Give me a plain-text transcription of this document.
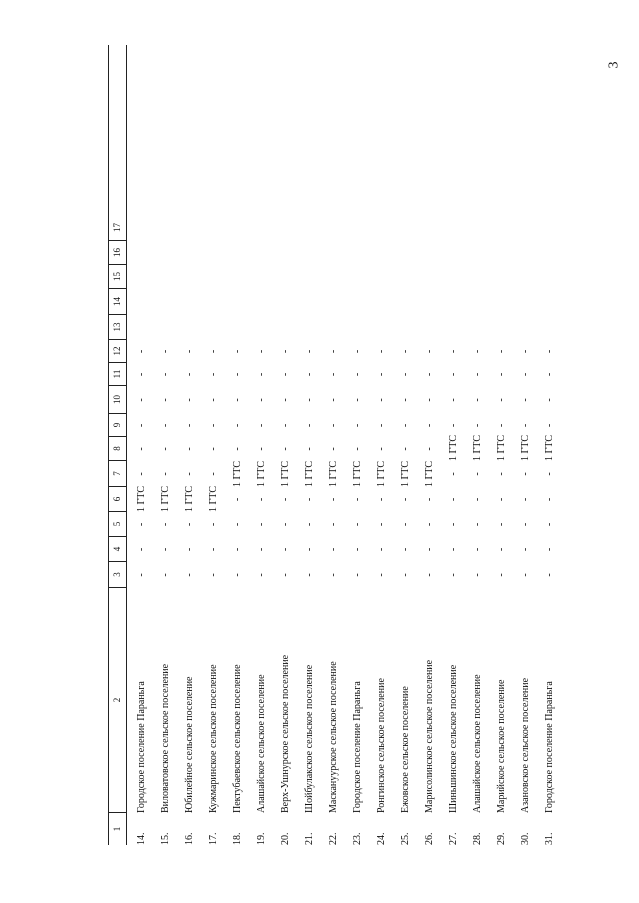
3
1
2
3
4
5
6
7
8
9
10
11
12
13
14
15
16
17
14.
Городское поселение Параньга
-
-
-
1 ГТС
-
-
-
-
-
-
15.
Виловатовское сельское поселение
-
-
-
1 ГТС
-
-
-
-
-
-
16.
Юбилейное сельское поселение
-
-
-
1 ГТС
-
-
-
-
-
-
17.
Кужмаринское сельское поселение
-
-
-
1 ГТС
-
-
-
-
-
-
18.
Пектубаевское сельское поселение
-
-
-
-
1 ГТС
-
-
-
-
-
19.
Алашайское сельское поселение
-
-
-
-
1 ГТС
-
-
-
-
-
20.
Верх-Ушнурское сельское поселение
-
-
-
-
1 ГТС
-
-
-
-
-
21.
Шойбулакское сельское поселение
-
-
-
-
1 ГТС
-
-
-
-
-
22.
Маскануурское сельское поселение
-
-
-
-
1 ГТС
-
-
-
-
-
23.
Городское поселение Параньга
-
-
-
-
1 ГТС
-
-
-
-
-
24.
Ронгинское сельское поселение
-
-
-
-
1 ГТС
-
-
-
-
-
25.
Ежовское сельское поселение
-
-
-
-
1 ГТС
-
-
-
-
-
26.
Марисолинское сельское поселение
-
-
-
-
1 ГТС
-
-
-
-
-
27.
Шиньшинское сельское поселение
-
-
-
-
-
1 ГТС
-
-
-
-
28.
Алашайское сельское поселение
-
-
-
-
-
1 ГТС
-
-
-
-
29.
Марийское сельское поселение
-
-
-
-
-
1 ГТС
-
-
-
-
30.
Азановское сельское поселение
-
-
-
-
-
1 ГТС
-
-
-
-
31.
Городское поселение Параньга
-
-
-
-
-
1 ГТС
-
-
-
-
